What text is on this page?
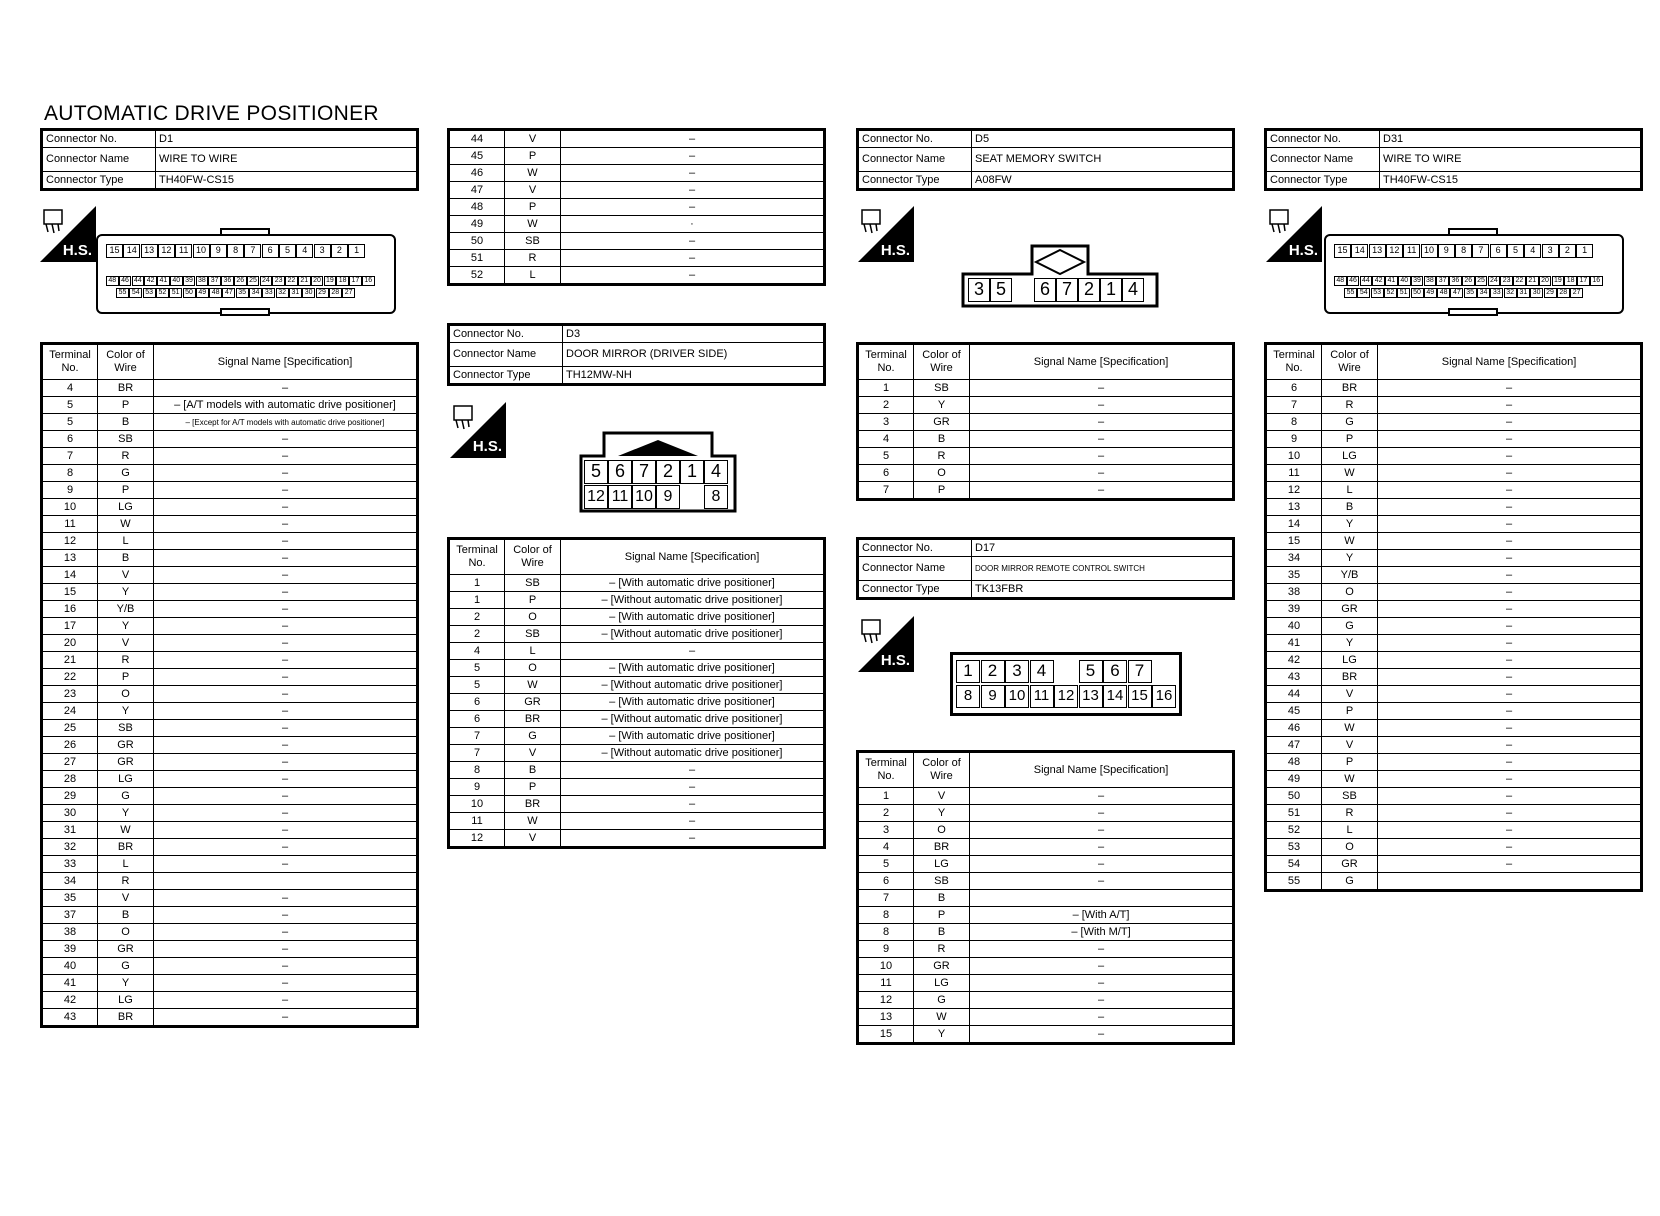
AUTOMATIC DRIVE POSITIONER
Connector No.	D1
Connector Name	WIRE TO WIRE
Connector Type	TH40FW-CS15
H.S.	15 14 13 12 11 10	9	8	7	6	5	4	3	2	1
48 46 44 42 41 40 39 38 37 36 26 25 24 23 22 21 20 19 18 17 16
55 54 53 52 51 50 49 48 47 35 34 33 32 31 30 29 28 27
Terminal No.	Color of Wire	Signal Name [Specification]
4	BR	–
5	P	– [A/T models with automatic drive positioner]
5	B	– [Except for A/T models with automatic drive positioner]
6	SB	–
7	R	–
8	G	–
9	P	–
10	LG	–
11	W	–
12	L	–
13	B	–
14	V	–
15	Y	–
16	Y/B	–
17	Y	–
20	V	–
21	R	–
22	P	–
23	O	–
24	Y	–
25	SB	–
26	GR	–
27	GR	–
28	LG	–
29	G	–
30	Y	–
31	W	–
32	BR	–
33	L	–
34	R	
35	V	–
37	B	–
38	O	–
39	GR	–
40	G	–
41	Y	–
42	LG	–
43	BR	–
44	V	–
45	P	–
46	W	–
47	V	–
48	P	–
49	W	·
50	SB	–
51	R	–
52	L	–
Connector No.	D3
Connector Name	DOOR MIRROR (DRIVER SIDE)
Connector Type	TH12MW-NH
H.S.
5 6 7 2 1 4
12 11 10 9	8
Terminal No.	Color of Wire	Signal Name [Specification]
1	SB	– [With automatic drive positioner]
1	P	– [Without automatic drive positioner]
2	O	– [With automatic drive positioner]
2	SB	– [Without automatic drive positioner]
4	L	–
5	O	– [With automatic drive positioner]
5	W	– [Without automatic drive positioner]
6	GR	– [With automatic drive positioner]
6	BR	– [Without automatic drive positioner]
7	G	– [With automatic drive positioner]
7	V	– [Without automatic drive positioner]
8	B	–
9	P	–
10	BR	–
11	W	–
12	V	–
Connector No.	D5
Connector Name	SEAT MEMORY SWITCH
Connector Type	A08FW
H.S.
3 5	6 7 2 1 4
Terminal No.	Color of Wire	Signal Name [Specification]
1	SB	–
2	Y	–
3	GR	–
4	B	–
5	R	–
6	O	–
7	P	–
Connector No.	D17
Connector Name	DOOR MIRROR REMOTE CONTROL SWITCH
Connector Type	TK13FBR
H.S.
1 2 3 4	5 6 7
8	9 10 11 12 13 14 15 16
Terminal No.	Color of Wire	Signal Name [Specification]
1	V	–
2	Y	–
3	O	–
4	BR	–
5	LG	–
6	SB	–
7	B	
8	P	– [With A/T]
8	B	– [With M/T]
9	R	–
10	GR	–
11	LG	–
12	G	–
13	W	–
15	Y	–
Connector No.	D31
Connector Name	WIRE TO WIRE
Connector Type	TH40FW-CS15
H.S.	15 14 13 12 11 10	9	8	7	6	5	4	3	2	1
48 46 44 42 41 40 39 38 37 36 26 25 24 23 22 21 20 19 18 17 16
55 54 53 52 51 50 49 48 47 35 34 33 32 31 30 29 28 27
Terminal No.	Color of Wire	Signal Name [Specification]
6	BR	–
7	R	–
8	G	–
9	P	–
10	LG	–
11	W	–
12	L	–
13	B	–
14	Y	–
15	W	–
34	Y	–
35	Y/B	–
38	O	–
39	GR	–
40	G	–
41	Y	–
42	LG	–
43	BR	–
44	V	–
45	P	–
46	W	–
47	V	–
48	P	–
49	W	–
50	SB	–
51	R	–
52	L	–
53	O	–
54	GR	–
55	G	
